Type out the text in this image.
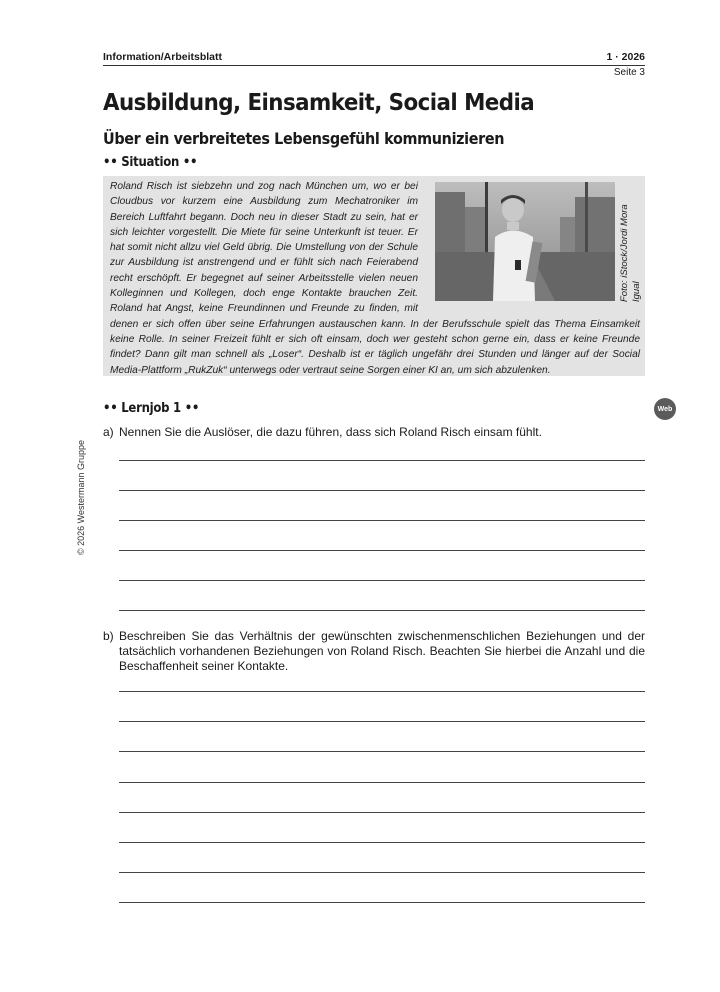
Information/Arbeitsblatt	1 · 2026
Seite 3
Ausbildung, Einsamkeit, Social Media
Über ein verbreitetes Lebensgefühl kommunizieren
•• Situation ••
Roland Risch ist siebzehn und zog nach München um, wo er bei Cloudbus vor kurzem eine Ausbildung zum Mechatroniker im Bereich Luftfahrt begann. Doch neu in dieser Stadt zu sein, hat er sich leichter vorgestellt. Die Miete für seine Unterkunft ist teuer. Er hat somit nicht allzu viel Geld übrig. Die Umstellung von der Schule zur Ausbildung ist anstrengend und er fühlt sich nach Feierabend recht erschöpft. Er begegnet auf seiner Arbeitsstelle vielen neuen Kolleginnen und Kollegen, doch enge Kontakte brauchen Zeit. Roland hat Angst, keine Freundinnen und Freunde zu finden, mit denen er sich offen über seine Erfahrungen austauschen kann. In der Berufsschule spielt das Thema Einsamkeit keine Rolle. In seiner Freizeit fühlt er sich oft einsam, doch wer gesteht schon gerne ein, dass er keine Freunde findet? Dann gilt man schnell als „Loser“. Deshalb ist er täglich ungefähr drei Stunden und länger auf der Social Media-Plattform „RukZuk“ unterwegs oder vertraut seine Sorgen einer KI an, um sich abzulenken.
Foto: iStock/Jordi Mora Igual
•• Lernjob 1 ••	Web
© 2026 Westermann Gruppe
a) Nennen Sie die Auslöser, die dazu führen, dass sich Roland Risch einsam fühlt.
b) Beschreiben Sie das Verhältnis der gewünschten zwischenmenschlichen Beziehungen und der tatsächlich vorhandenen Beziehungen von Roland Risch. Beachten Sie hierbei die Anzahl und die Beschaffenheit seiner Kontakte.
